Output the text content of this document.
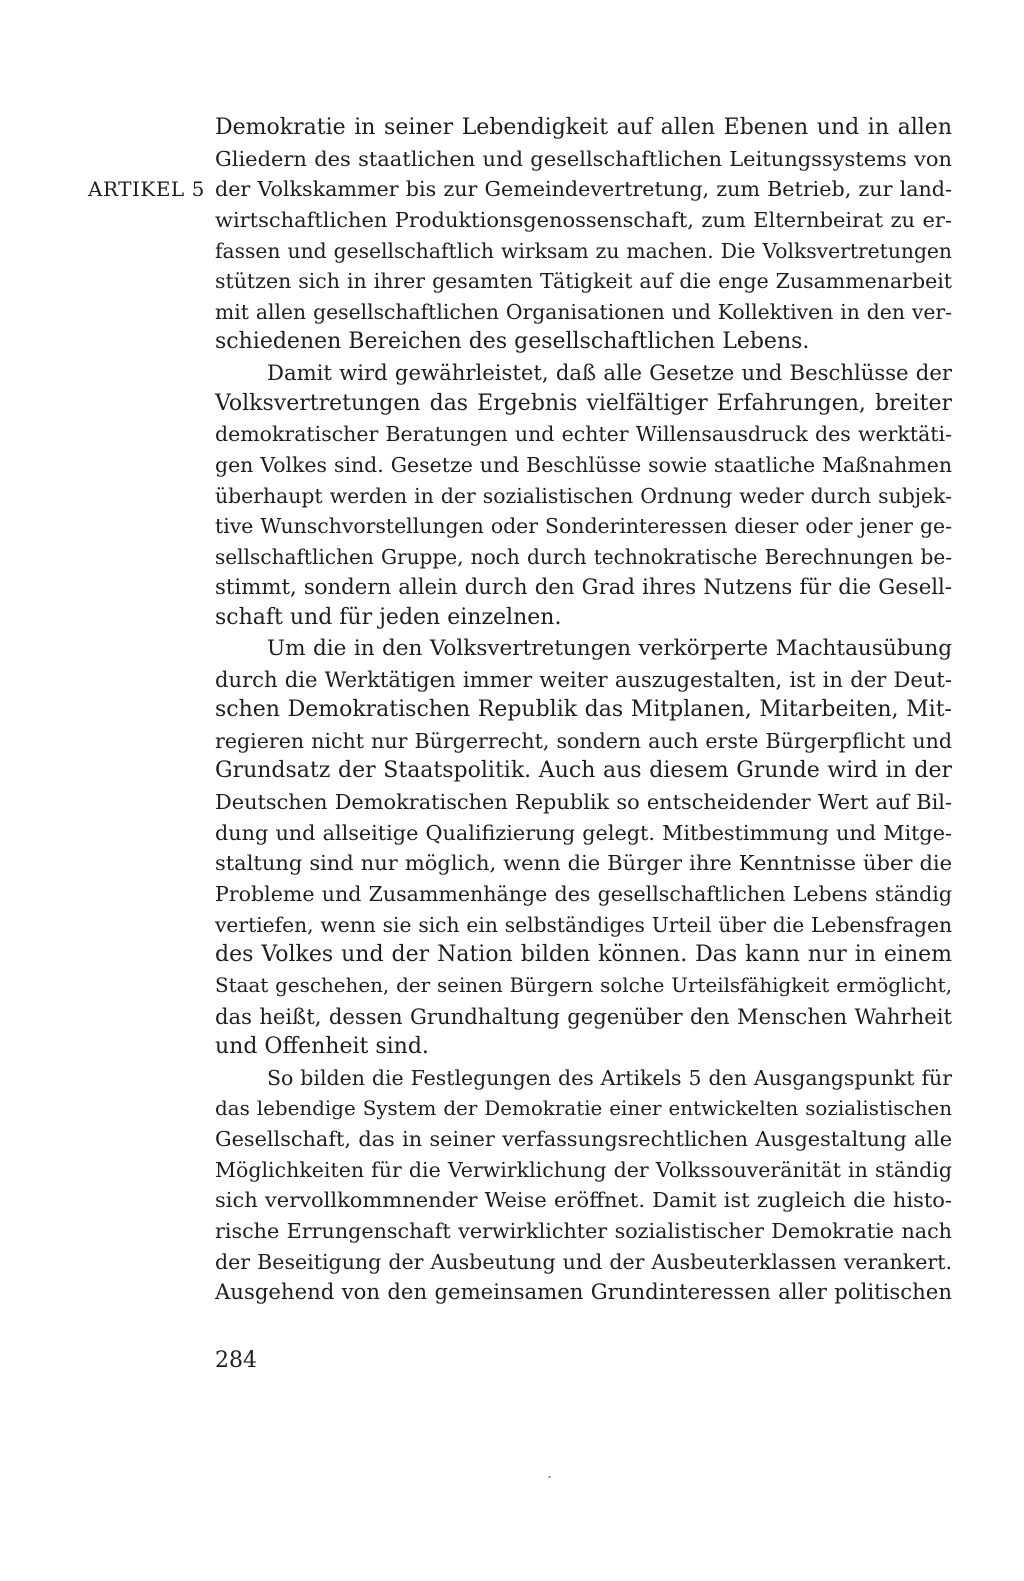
ARTIKEL 5
Demokratie in seiner Lebendigkeit auf allen Ebenen und in allen
Gliedern des staatlichen und gesellschaftlichen Leitungssystems von
der Volkskammer bis zur Gemeindevertretung, zum Betrieb, zur land-
wirtschaftlichen Produktionsgenossenschaft, zum Elternbeirat zu er-
fassen und gesellschaftlich wirksam zu machen. Die Volksvertretungen
stützen sich in ihrer gesamten Tätigkeit auf die enge Zusammenarbeit
mit allen gesellschaftlichen Organisationen und Kollektiven in den ver-
schiedenen Bereichen des gesellschaftlichen Lebens.
Damit wird gewährleistet, daß alle Gesetze und Beschlüsse der
Volksvertretungen das Ergebnis vielfältiger Erfahrungen, breiter
demokratischer Beratungen und echter Willensausdruck des werktäti-
gen Volkes sind. Gesetze und Beschlüsse sowie staatliche Maßnahmen
überhaupt werden in der sozialistischen Ordnung weder durch subjek-
tive Wunschvorstellungen oder Sonderinteressen dieser oder jener ge-
sellschaftlichen Gruppe, noch durch technokratische Berechnungen be-
stimmt, sondern allein durch den Grad ihres Nutzens für die Gesell-
schaft und für jeden einzelnen.
Um die in den Volksvertretungen verkörperte Machtausübung
durch die Werktätigen immer weiter auszugestalten, ist in der Deut-
schen Demokratischen Republik das Mitplanen, Mitarbeiten, Mit-
regieren nicht nur Bürgerrecht, sondern auch erste Bürgerpflicht und
Grundsatz der Staatspolitik. Auch aus diesem Grunde wird in der
Deutschen Demokratischen Republik so entscheidender Wert auf Bil-
dung und allseitige Qualifizierung gelegt. Mitbestimmung und Mitge-
staltung sind nur möglich, wenn die Bürger ihre Kenntnisse über die
Probleme und Zusammenhänge des gesellschaftlichen Lebens ständig
vertiefen, wenn sie sich ein selbständiges Urteil über die Lebensfragen
des Volkes und der Nation bilden können. Das kann nur in einem
Staat geschehen, der seinen Bürgern solche Urteilsfähigkeit ermöglicht,
das heißt, dessen Grundhaltung gegenüber den Menschen Wahrheit
und Offenheit sind.
So bilden die Festlegungen des Artikels 5 den Ausgangspunkt für
das lebendige System der Demokratie einer entwickelten sozialistischen
Gesellschaft, das in seiner verfassungsrechtlichen Ausgestaltung alle
Möglichkeiten für die Verwirklichung der Volkssouveränität in ständig
sich vervollkommnender Weise eröffnet. Damit ist zugleich die histo-
rische Errungenschaft verwirklichter sozialistischer Demokratie nach
der Beseitigung der Ausbeutung und der Ausbeuterklassen verankert.
Ausgehend von den gemeinsamen Grundinteressen aller politischen
284
